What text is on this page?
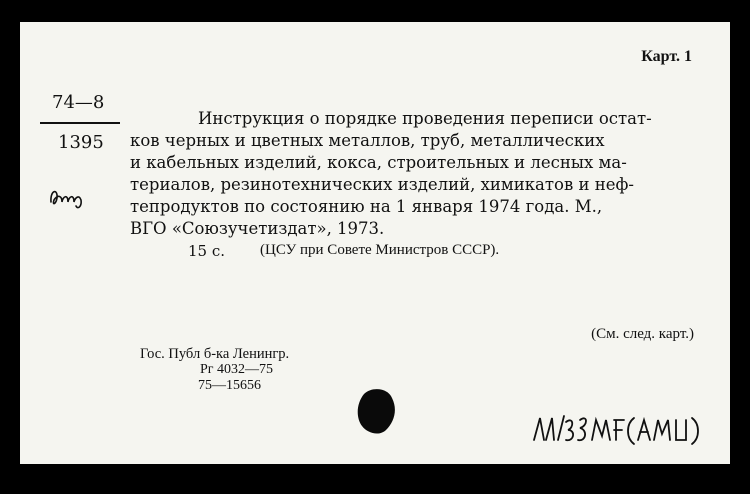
Карт. 1
74—8
1395
Инструкция о порядке проведения переписи остат-
ков черных и цветных металлов, труб, металлических
и кабельных изделий, кокса, строительных и лесных ма-
териалов, резинотехнических изделий, химикатов и неф-
тепродуктов по состоянию на 1 января 1974 года. М.,
ВГО «Союзучетиздат», 1973.
15 с. (ЦСУ при Совете Министров СССР).
(См. след. карт.)
Гос. Публ б-ка Ленингр.
Рг 4032—75
75—15656
